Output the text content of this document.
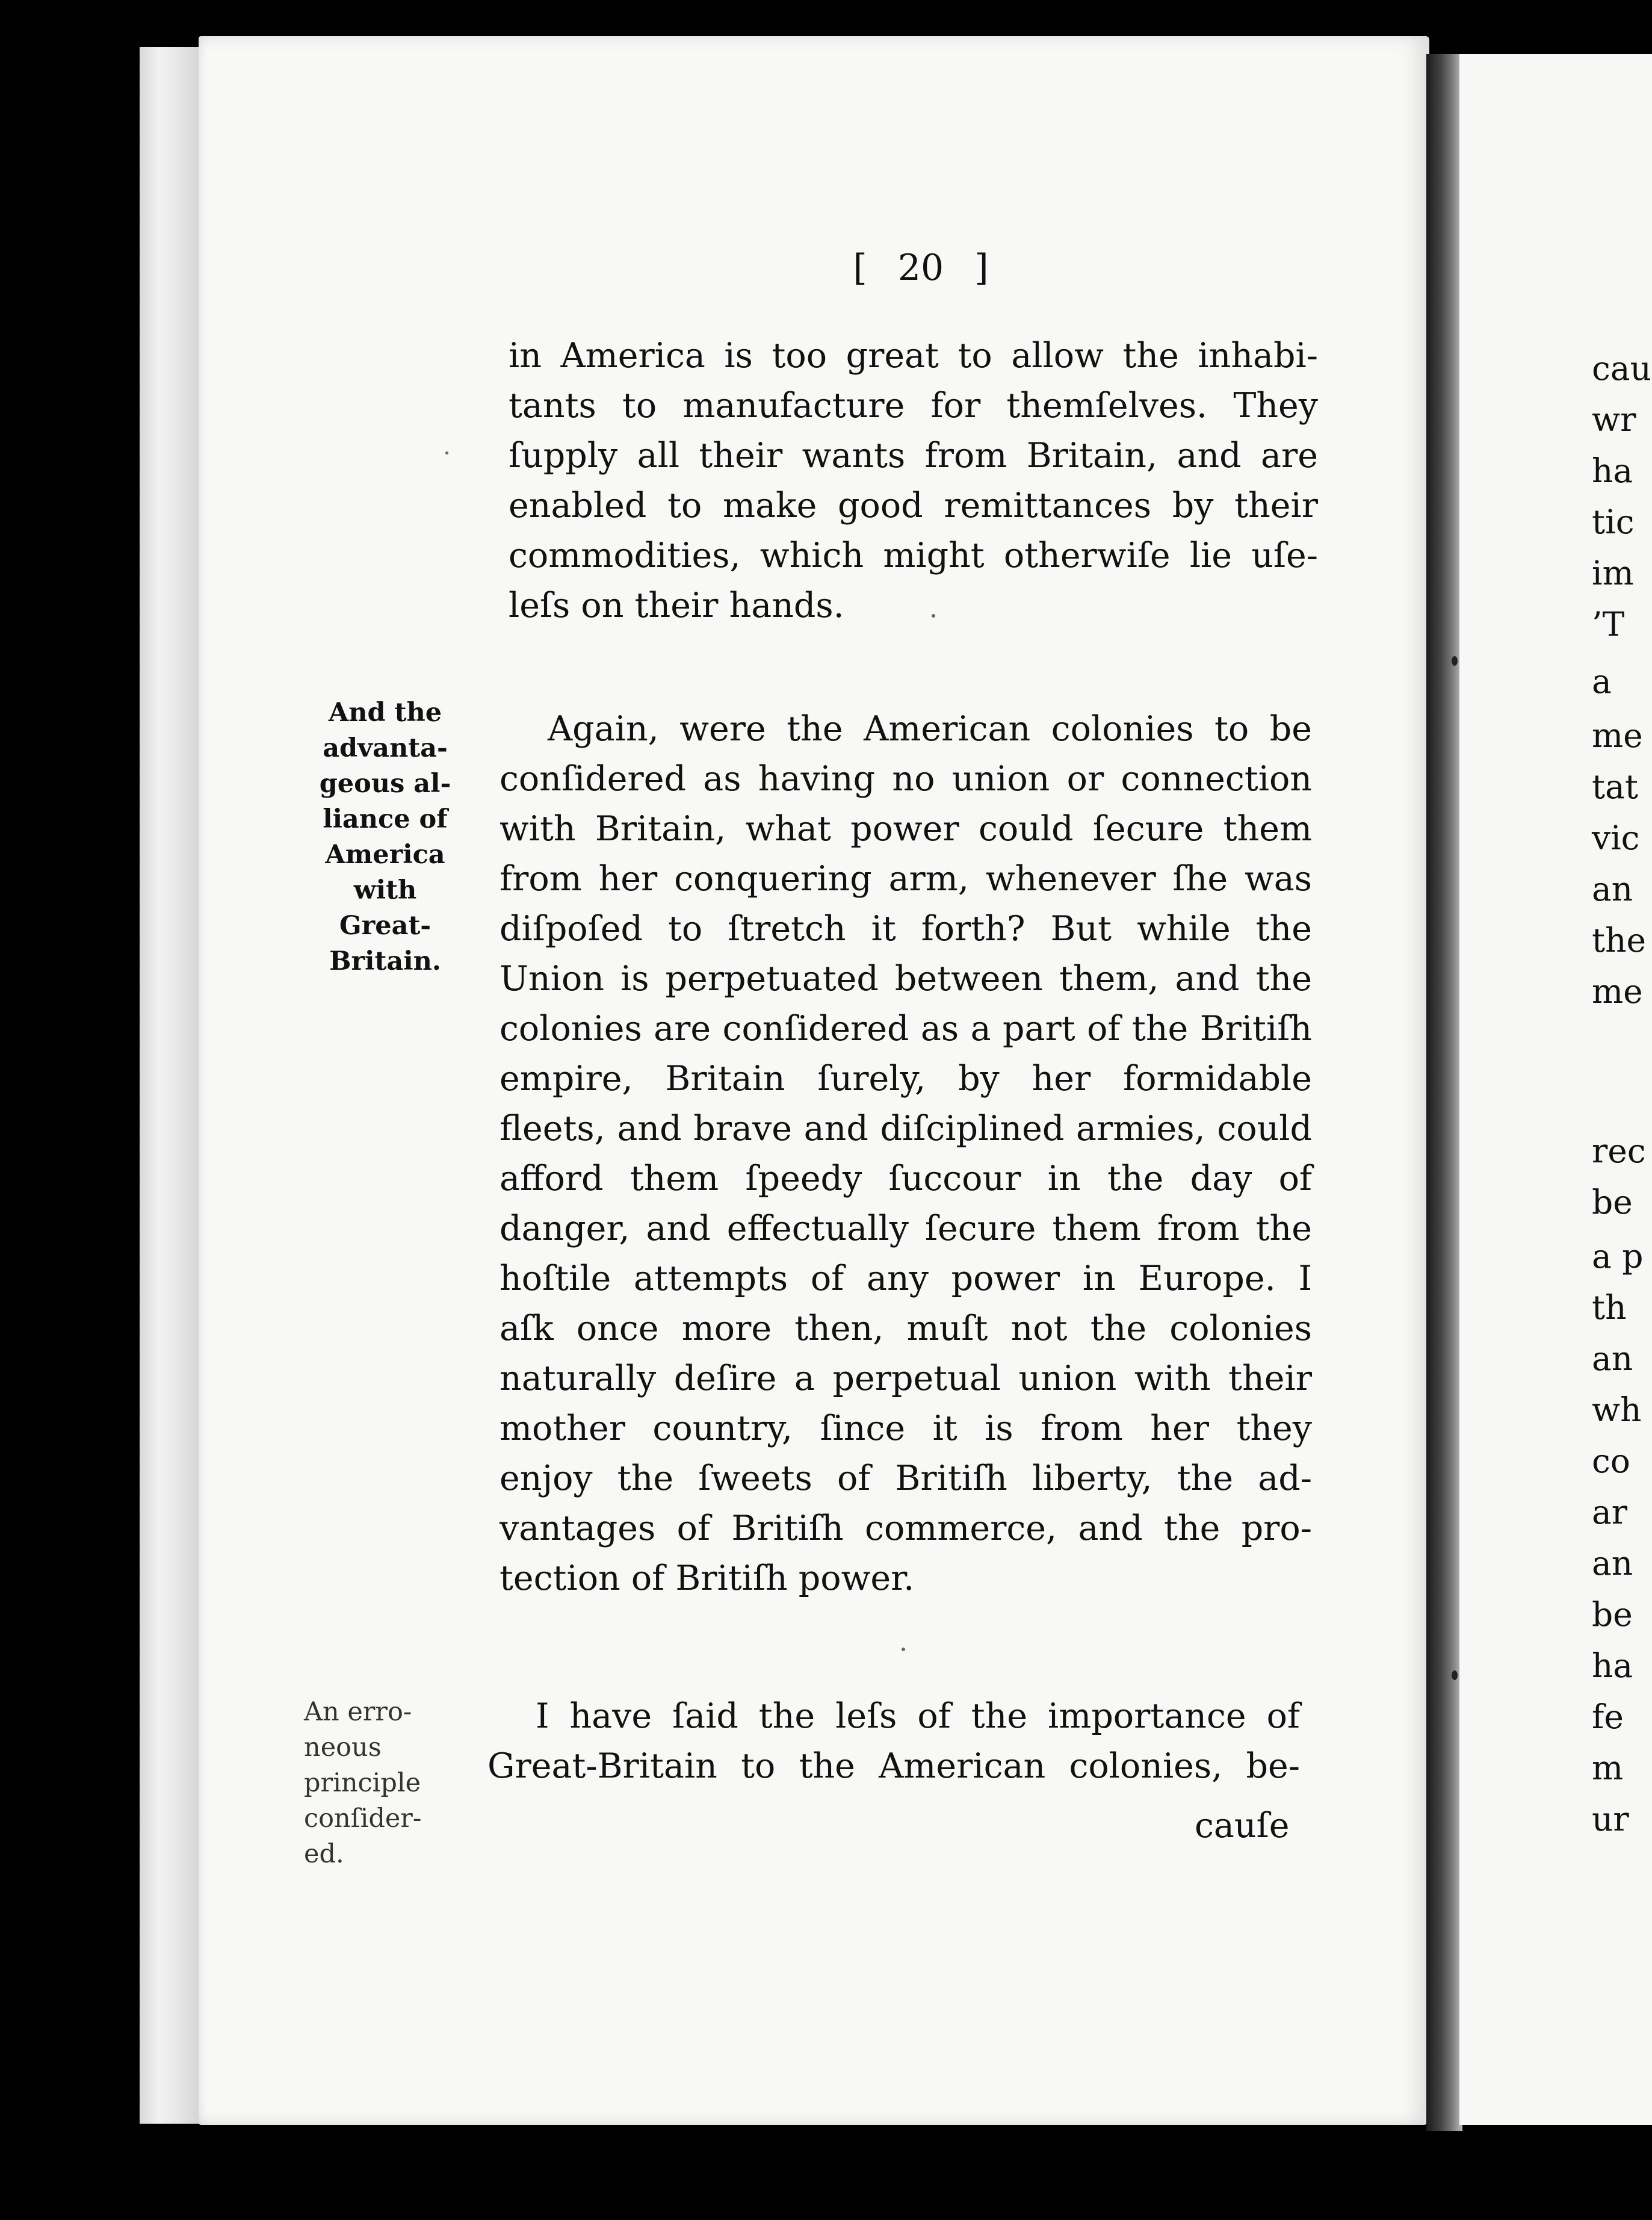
[ 20 ]
in America is too great to allow the inhabi-
tants to manufacture for themſelves. They
ſupply all their wants from Britain, and are
enabled to make good remittances by their
commodities, which might otherwiſe lie uſe-
leſs on their hands.
And the
advanta-
geous al-
liance of
America
with
Great-
Britain.
Again, were the American colonies to be
conſidered as having no union or connection
with Britain, what power could ſecure them
from her conquering arm, whenever ſhe was
diſpoſed to ſtretch it forth? But while the
Union is perpetuated between them, and the
colonies are conſidered as a part of the Britiſh
empire, Britain ſurely, by her formidable
fleets, and brave and diſciplined armies, could
afford them ſpeedy ſuccour in the day of
danger, and effectually ſecure them from the
hoſtile attempts of any power in Europe. I
aſk once more then, muſt not the colonies
naturally deſire a perpetual union with their
mother country, ſince it is from her they
enjoy the ſweets of Britiſh liberty, the ad-
vantages of Britiſh commerce, and the pro-
tection of Britiſh power.
An erro-
neous
principle
conſider-
ed.
I have ſaid the leſs of the importance of
Great-Britain to the American colonies, be-
cauſe
cau
wr
ha
tic
im
’T
a
me
tat
vic
an
the
me
rec
be
a p
th
an
wh
co
ar
an
be
ha
fe
m
ur
